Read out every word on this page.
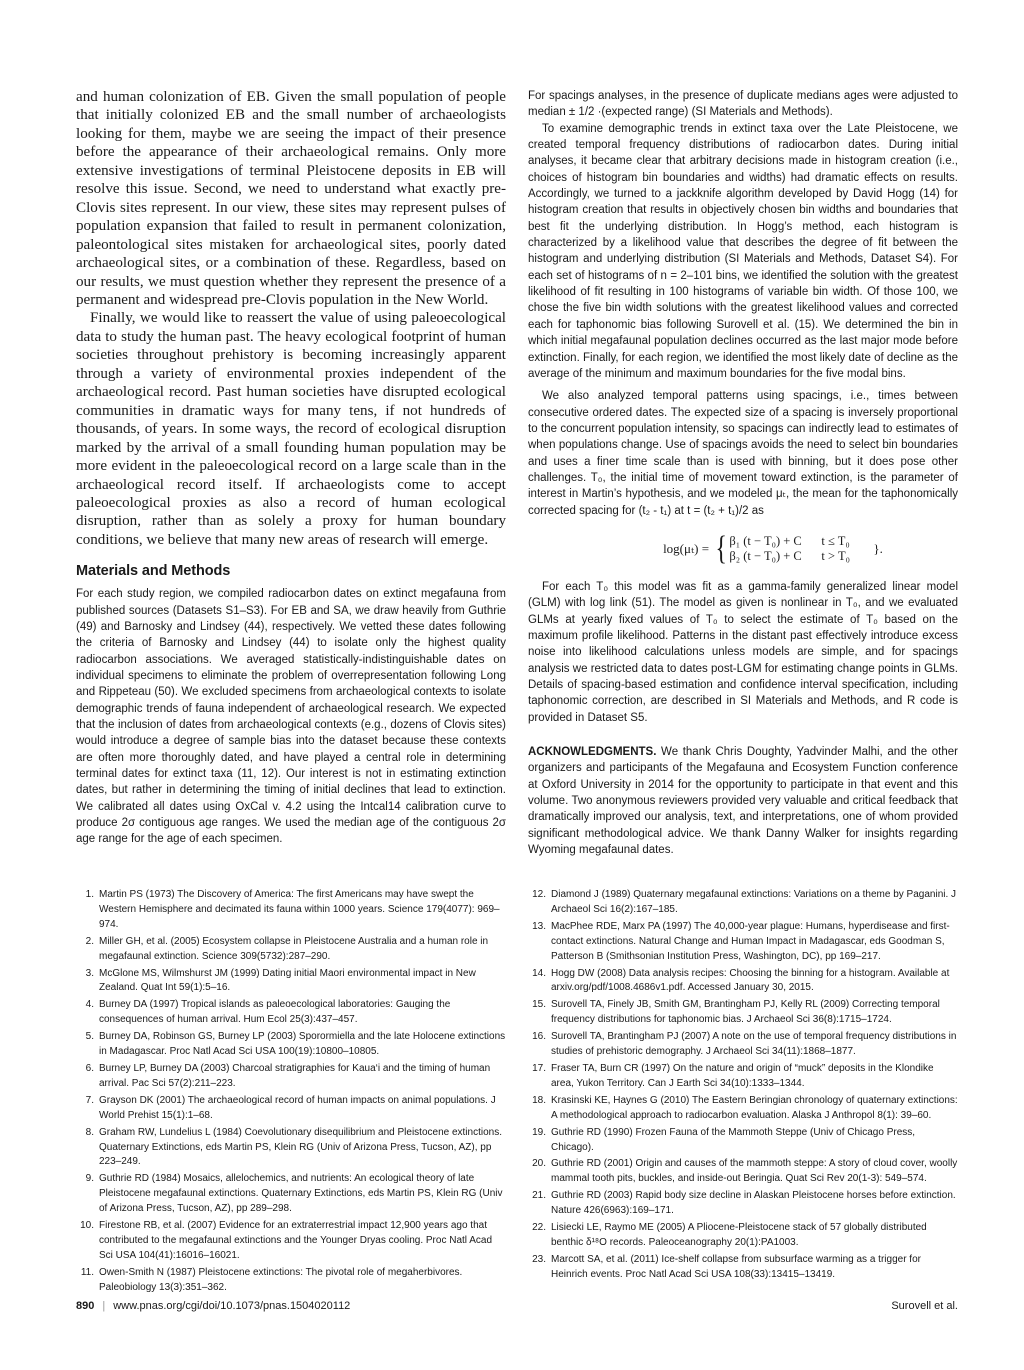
and human colonization of EB. Given the small population of people that initially colonized EB and the small number of archaeologists looking for them, maybe we are seeing the impact of their presence before the appearance of their archaeological remains. Only more extensive investigations of terminal Pleistocene deposits in EB will resolve this issue. Second, we need to understand what exactly pre-Clovis sites represent. In our view, these sites may represent pulses of population expansion that failed to result in permanent colonization, paleontological sites mistaken for archaeological sites, poorly dated archaeological sites, or a combination of these. Regardless, based on our results, we must question whether they represent the presence of a permanent and widespread pre-Clovis population in the New World.

Finally, we would like to reassert the value of using paleoecological data to study the human past. The heavy ecological footprint of human societies throughout prehistory is becoming increasingly apparent through a variety of environmental proxies independent of the archaeological record. Past human societies have disrupted ecological communities in dramatic ways for many tens, if not hundreds of thousands, of years. In some ways, the record of ecological disruption marked by the arrival of a small founding human population may be more evident in the paleoecological record on a large scale than in the archaeological record itself. If archaeologists come to accept paleoecological proxies as also a record of human ecological disruption, rather than as solely a proxy for human boundary conditions, we believe that many new areas of research will emerge.

Materials and Methods

For each study region, we compiled radiocarbon dates on extinct megafauna from published sources (Datasets S1–S3). For EB and SA, we draw heavily from Guthrie (49) and Barnosky and Lindsey (44), respectively. We vetted these dates following the criteria of Barnosky and Lindsey (44) to isolate only the highest quality radiocarbon associations. We averaged statistically-indistinguishable dates on individual specimens to eliminate the problem of overrepresentation following Long and Rippeteau (50). We excluded specimens from archaeological contexts to isolate demographic trends of fauna independent of archaeological research. We expected that the inclusion of dates from archaeological contexts (e.g., dozens of Clovis sites) would introduce a degree of sample bias into the dataset because these contexts are often more thoroughly dated, and have played a central role in determining terminal dates for extinct taxa (11, 12). Our interest is not in estimating extinction dates, but rather in determining the timing of initial declines that lead to extinction. We calibrated all dates using OxCal v. 4.2 using the Intcal14 calibration curve to produce 2σ contiguous age ranges. We used the median age of the contiguous 2σ age range for the age of each specimen.

For spacings analyses, in the presence of duplicate medians ages were adjusted to median ± 1/2 ·(expected range) (SI Materials and Methods).

To examine demographic trends in extinct taxa over the Late Pleistocene, we created temporal frequency distributions of radiocarbon dates. During initial analyses, it became clear that arbitrary decisions made in histogram creation (i.e., choices of histogram bin boundaries and widths) had dramatic effects on results. Accordingly, we turned to a jackknife algorithm developed by David Hogg (14) for histogram creation that results in objectively chosen bin widths and boundaries that best fit the underlying distribution. In Hogg’s method, each histogram is characterized by a likelihood value that describes the degree of fit between the histogram and underlying distribution (SI Materials and Methods, Dataset S4). For each set of histograms of n = 2–101 bins, we identified the solution with the greatest likelihood of fit resulting in 100 histograms of variable bin width. Of those 100, we chose the five bin width solutions with the greatest likelihood values and corrected each for taphonomic bias following Surovell et al. (15). We determined the bin in which initial megafaunal population declines occurred as the last major mode before extinction. Finally, for each region, we identified the most likely date of decline as the average of the minimum and maximum boundaries for the five modal bins.

We also analyzed temporal patterns using spacings, i.e., times between consecutive ordered dates. The expected size of a spacing is inversely proportional to the concurrent population intensity, so spacings can indirectly lead to estimates of when populations change. Use of spacings avoids the need to select bin boundaries and uses a finer time scale than is used with binning, but it does pose other challenges. T₀, the initial time of movement toward extinction, is the parameter of interest in Martin’s hypothesis, and we modeled μₜ, the mean for the taphonomically corrected spacing for (t₂ - t₁) at t = (t₂ + t₁)/2 as

log(μₜ) = { β₁ (t − T₀) + C	t ≤ T₀
β₂ (t − T₀) + C	t > T₀	}.

For each T₀ this model was fit as a gamma-family generalized linear model (GLM) with log link (51). The model as given is nonlinear in T₀, and we evaluated GLMs at yearly fixed values of T₀ to select the estimate of T₀ based on the maximum profile likelihood. Patterns in the distant past effectively introduce excess noise into likelihood calculations unless models are simple, and for spacings analysis we restricted data to dates post-LGM for estimating change points in GLMs. Details of spacing-based estimation and confidence interval specification, including taphonomic correction, are described in SI Materials and Methods, and R code is provided in Dataset S5.

ACKNOWLEDGMENTS. We thank Chris Doughty, Yadvinder Malhi, and the other organizers and participants of the Megafauna and Ecosystem Function conference at Oxford University in 2014 for the opportunity to participate in that event and this volume. Two anonymous reviewers provided very valuable and critical feedback that dramatically improved our analysis, text, and interpretations, one of whom provided significant methodological advice. We thank Danny Walker for insights regarding Wyoming megafaunal dates.

1. Martin PS (1973) The Discovery of America: The first Americans may have swept the Western Hemisphere and decimated its fauna within 1000 years. Science 179(4077): 969–974.
2. Miller GH, et al. (2005) Ecosystem collapse in Pleistocene Australia and a human role in megafaunal extinction. Science 309(5732):287–290.
3. McGlone MS, Wilmshurst JM (1999) Dating initial Maori environmental impact in New Zealand. Quat Int 59(1):5–16.
4. Burney DA (1997) Tropical islands as paleoecological laboratories: Gauging the consequences of human arrival. Hum Ecol 25(3):437–457.
5. Burney DA, Robinson GS, Burney LP (2003) Sporormiella and the late Holocene extinctions in Madagascar. Proc Natl Acad Sci USA 100(19):10800–10805.
6. Burney LP, Burney DA (2003) Charcoal stratigraphies for Kaua‘i and the timing of human arrival. Pac Sci 57(2):211–223.
7. Grayson DK (2001) The archaeological record of human impacts on animal populations. J World Prehist 15(1):1–68.
8. Graham RW, Lundelius L (1984) Coevolutionary disequilibrium and Pleistocene extinctions. Quaternary Extinctions, eds Martin PS, Klein RG (Univ of Arizona Press, Tucson, AZ), pp 223–249.
9. Guthrie RD (1984) Mosaics, allelochemics, and nutrients: An ecological theory of late Pleistocene megafaunal extinctions. Quaternary Extinctions, eds Martin PS, Klein RG (Univ of Arizona Press, Tucson, AZ), pp 289–298.
10. Firestone RB, et al. (2007) Evidence for an extraterrestrial impact 12,900 years ago that contributed to the megafaunal extinctions and the Younger Dryas cooling. Proc Natl Acad Sci USA 104(41):16016–16021.
11. Owen-Smith N (1987) Pleistocene extinctions: The pivotal role of megaherbivores. Paleobiology 13(3):351–362.
12. Diamond J (1989) Quaternary megafaunal extinctions: Variations on a theme by Paganini. J Archaeol Sci 16(2):167–185.
13. MacPhee RDE, Marx PA (1997) The 40,000-year plague: Humans, hyperdisease and first-contact extinctions. Natural Change and Human Impact in Madagascar, eds Goodman S, Patterson B (Smithsonian Institution Press, Washington, DC), pp 169–217.
14. Hogg DW (2008) Data analysis recipes: Choosing the binning for a histogram. Available at arxiv.org/pdf/1008.4686v1.pdf. Accessed January 30, 2015.
15. Surovell TA, Finely JB, Smith GM, Brantingham PJ, Kelly RL (2009) Correcting temporal frequency distributions for taphonomic bias. J Archaeol Sci 36(8):1715–1724.
16. Surovell TA, Brantingham PJ (2007) A note on the use of temporal frequency distributions in studies of prehistoric demography. J Archaeol Sci 34(11):1868–1877.
17. Fraser TA, Burn CR (1997) On the nature and origin of “muck” deposits in the Klondike area, Yukon Territory. Can J Earth Sci 34(10):1333–1344.
18. Krasinski KE, Haynes G (2010) The Eastern Beringian chronology of quaternary extinctions: A methodological approach to radiocarbon evaluation. Alaska J Anthropol 8(1): 39–60.
19. Guthrie RD (1990) Frozen Fauna of the Mammoth Steppe (Univ of Chicago Press, Chicago).
20. Guthrie RD (2001) Origin and causes of the mammoth steppe: A story of cloud cover, woolly mammal tooth pits, buckles, and inside-out Beringia. Quat Sci Rev 20(1-3): 549–574.
21. Guthrie RD (2003) Rapid body size decline in Alaskan Pleistocene horses before extinction. Nature 426(6963):169–171.
22. Lisiecki LE, Raymo ME (2005) A Pliocene-Pleistocene stack of 57 globally distributed benthic δ¹⁸O records. Paleoceanography 20(1):PA1003.
23. Marcott SA, et al. (2011) Ice-shelf collapse from subsurface warming as a trigger for Heinrich events. Proc Natl Acad Sci USA 108(33):13415–13419.
890 | www.pnas.org/cgi/doi/10.1073/pnas.1504020112	Surovell et al.
